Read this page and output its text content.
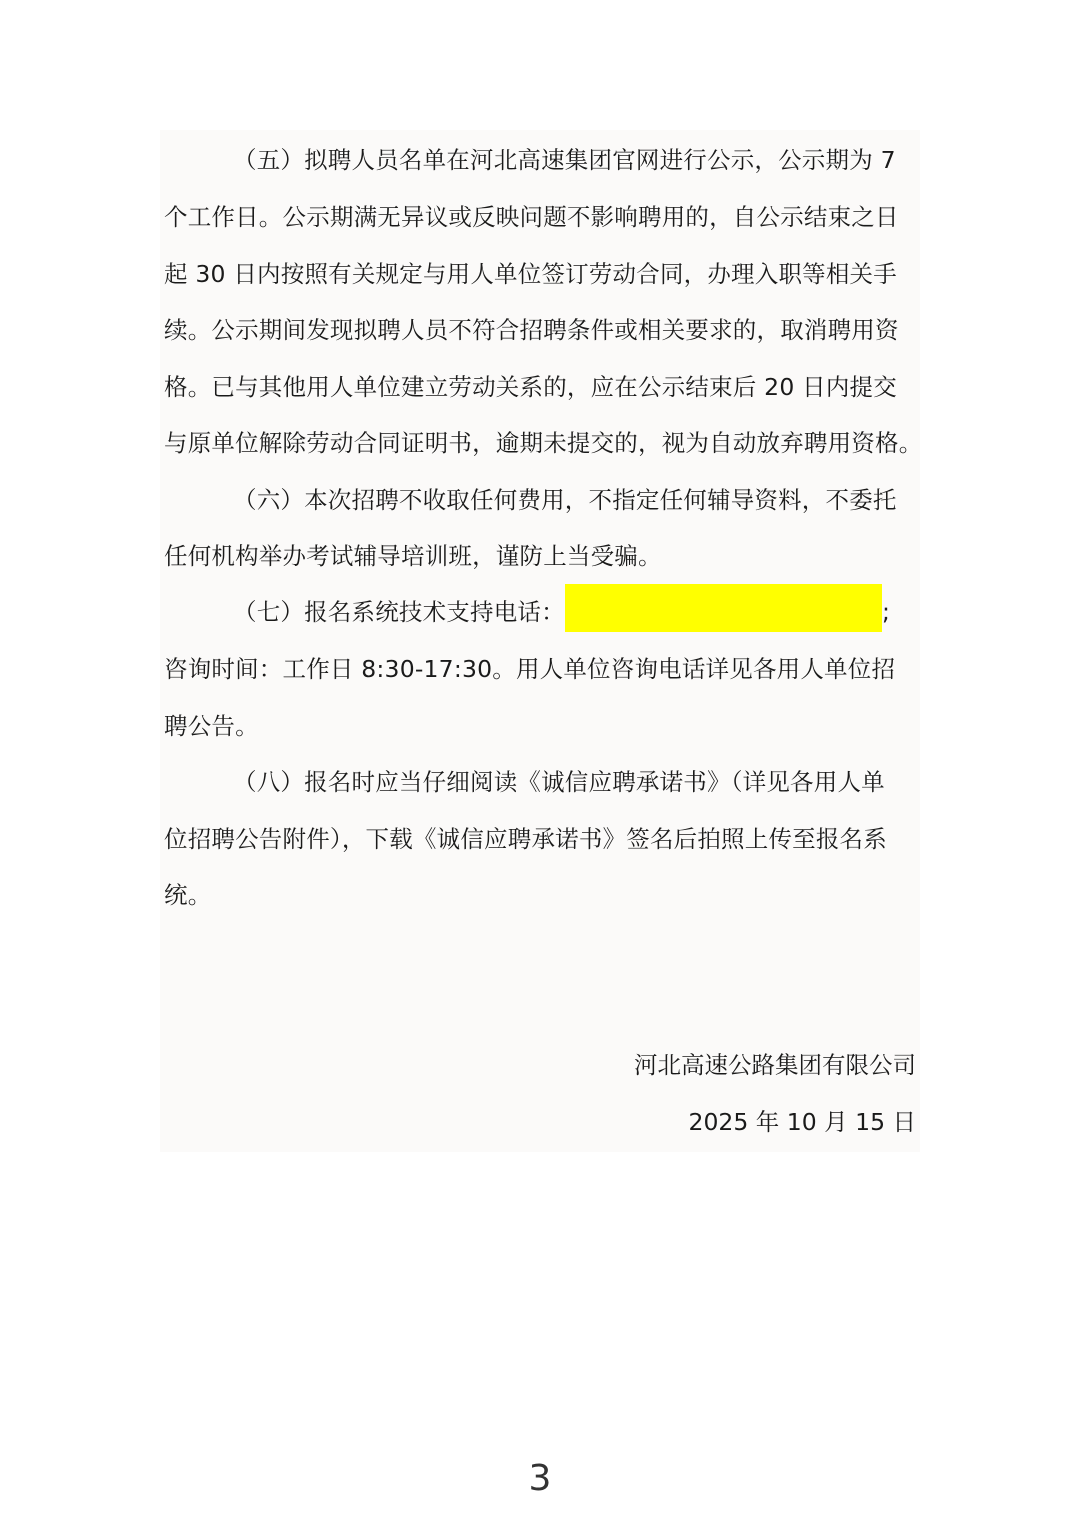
（五）拟聘人员名单在河北高速集团官网进行公示，公示期为 7
个工作日。公示期满无异议或反映问题不影响聘用的，自公示结束之日
起 30 日内按照有关规定与用人单位签订劳动合同，办理入职等相关手
续。公示期间发现拟聘人员不符合招聘条件或相关要求的，取消聘用资
格。已与其他用人单位建立劳动关系的，应在公示结束后 20 日内提交
与原单位解除劳动合同证明书，逾期未提交的，视为自动放弃聘用资格。
（六）本次招聘不收取任何费用，不指定任何辅导资料，不委托
任何机构举办考试辅导培训班，谨防上当受骗。
（七）报名系统技术支持电话：	;
咨询时间：工作日 8:30-17:30。用人单位咨询电话详见各用人单位招
聘公告。
（八）报名时应当仔细阅读《诚信应聘承诺书》（详见各用人单
位招聘公告附件），下载《诚信应聘承诺书》签名后拍照上传至报名系
统。
河北高速公路集团有限公司
2025 年 10 月 15 日
3
